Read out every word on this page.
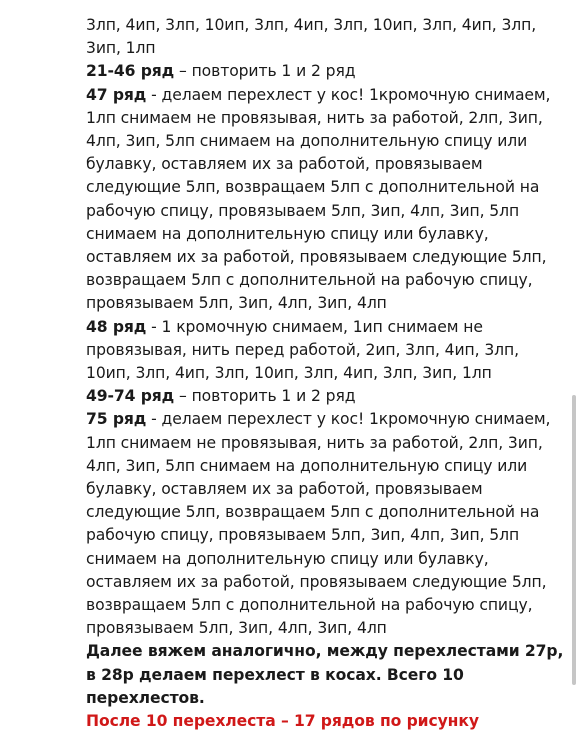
3лп, 4ип, 3лп, 10ип, 3лп, 4ип, 3лп, 10ип, 3лп, 4ип, 3лп, 3ип, 1лп

21-46 ряд – повторить 1 и 2 ряд

47 ряд - делаем перехлест у кос! 1кромочную снимаем, 1лп снимаем не провязывая, нить за работой, 2лп, 3ип, 4лп, 3ип, 5лп снимаем на дополнительную спицу или булавку, оставляем их за работой, провязываем следующие 5лп, возвращаем 5лп с дополнительной на рабочую спицу, провязываем 5лп, 3ип, 4лп, 3ип, 5лп снимаем на дополнительную спицу или булавку, оставляем их за работой, провязываем следующие 5лп, возвращаем 5лп с дополнительной на рабочую спицу, провязываем 5лп, 3ип, 4лп, 3ип, 4лп

48 ряд - 1 кромочную снимаем, 1ип снимаем не провязывая, нить перед работой, 2ип, 3лп, 4ип, 3лп, 10ип, 3лп, 4ип, 3лп, 10ип, 3лп, 4ип, 3лп, 3ип, 1лп

49-74 ряд – повторить 1 и 2 ряд

75 ряд - делаем перехлест у кос! 1кромочную снимаем, 1лп снимаем не провязывая, нить за работой, 2лп, 3ип, 4лп, 3ип, 5лп снимаем на дополнительную спицу или булавку, оставляем их за работой, провязываем следующие 5лп, возвращаем 5лп с дополнительной на рабочую спицу, провязываем 5лп, 3ип, 4лп, 3ип, 5лп снимаем на дополнительную спицу или булавку, оставляем их за работой, провязываем следующие 5лп, возвращаем 5лп с дополнительной на рабочую спицу, провязываем 5лп, 3ип, 4лп, 3ип, 4лп

Далее вяжем аналогично, между перехлестами 27р, в 28р делаем перехлест в косах. Всего 10 перехлестов.

После 10 перехлеста – 17 рядов по рисунку
